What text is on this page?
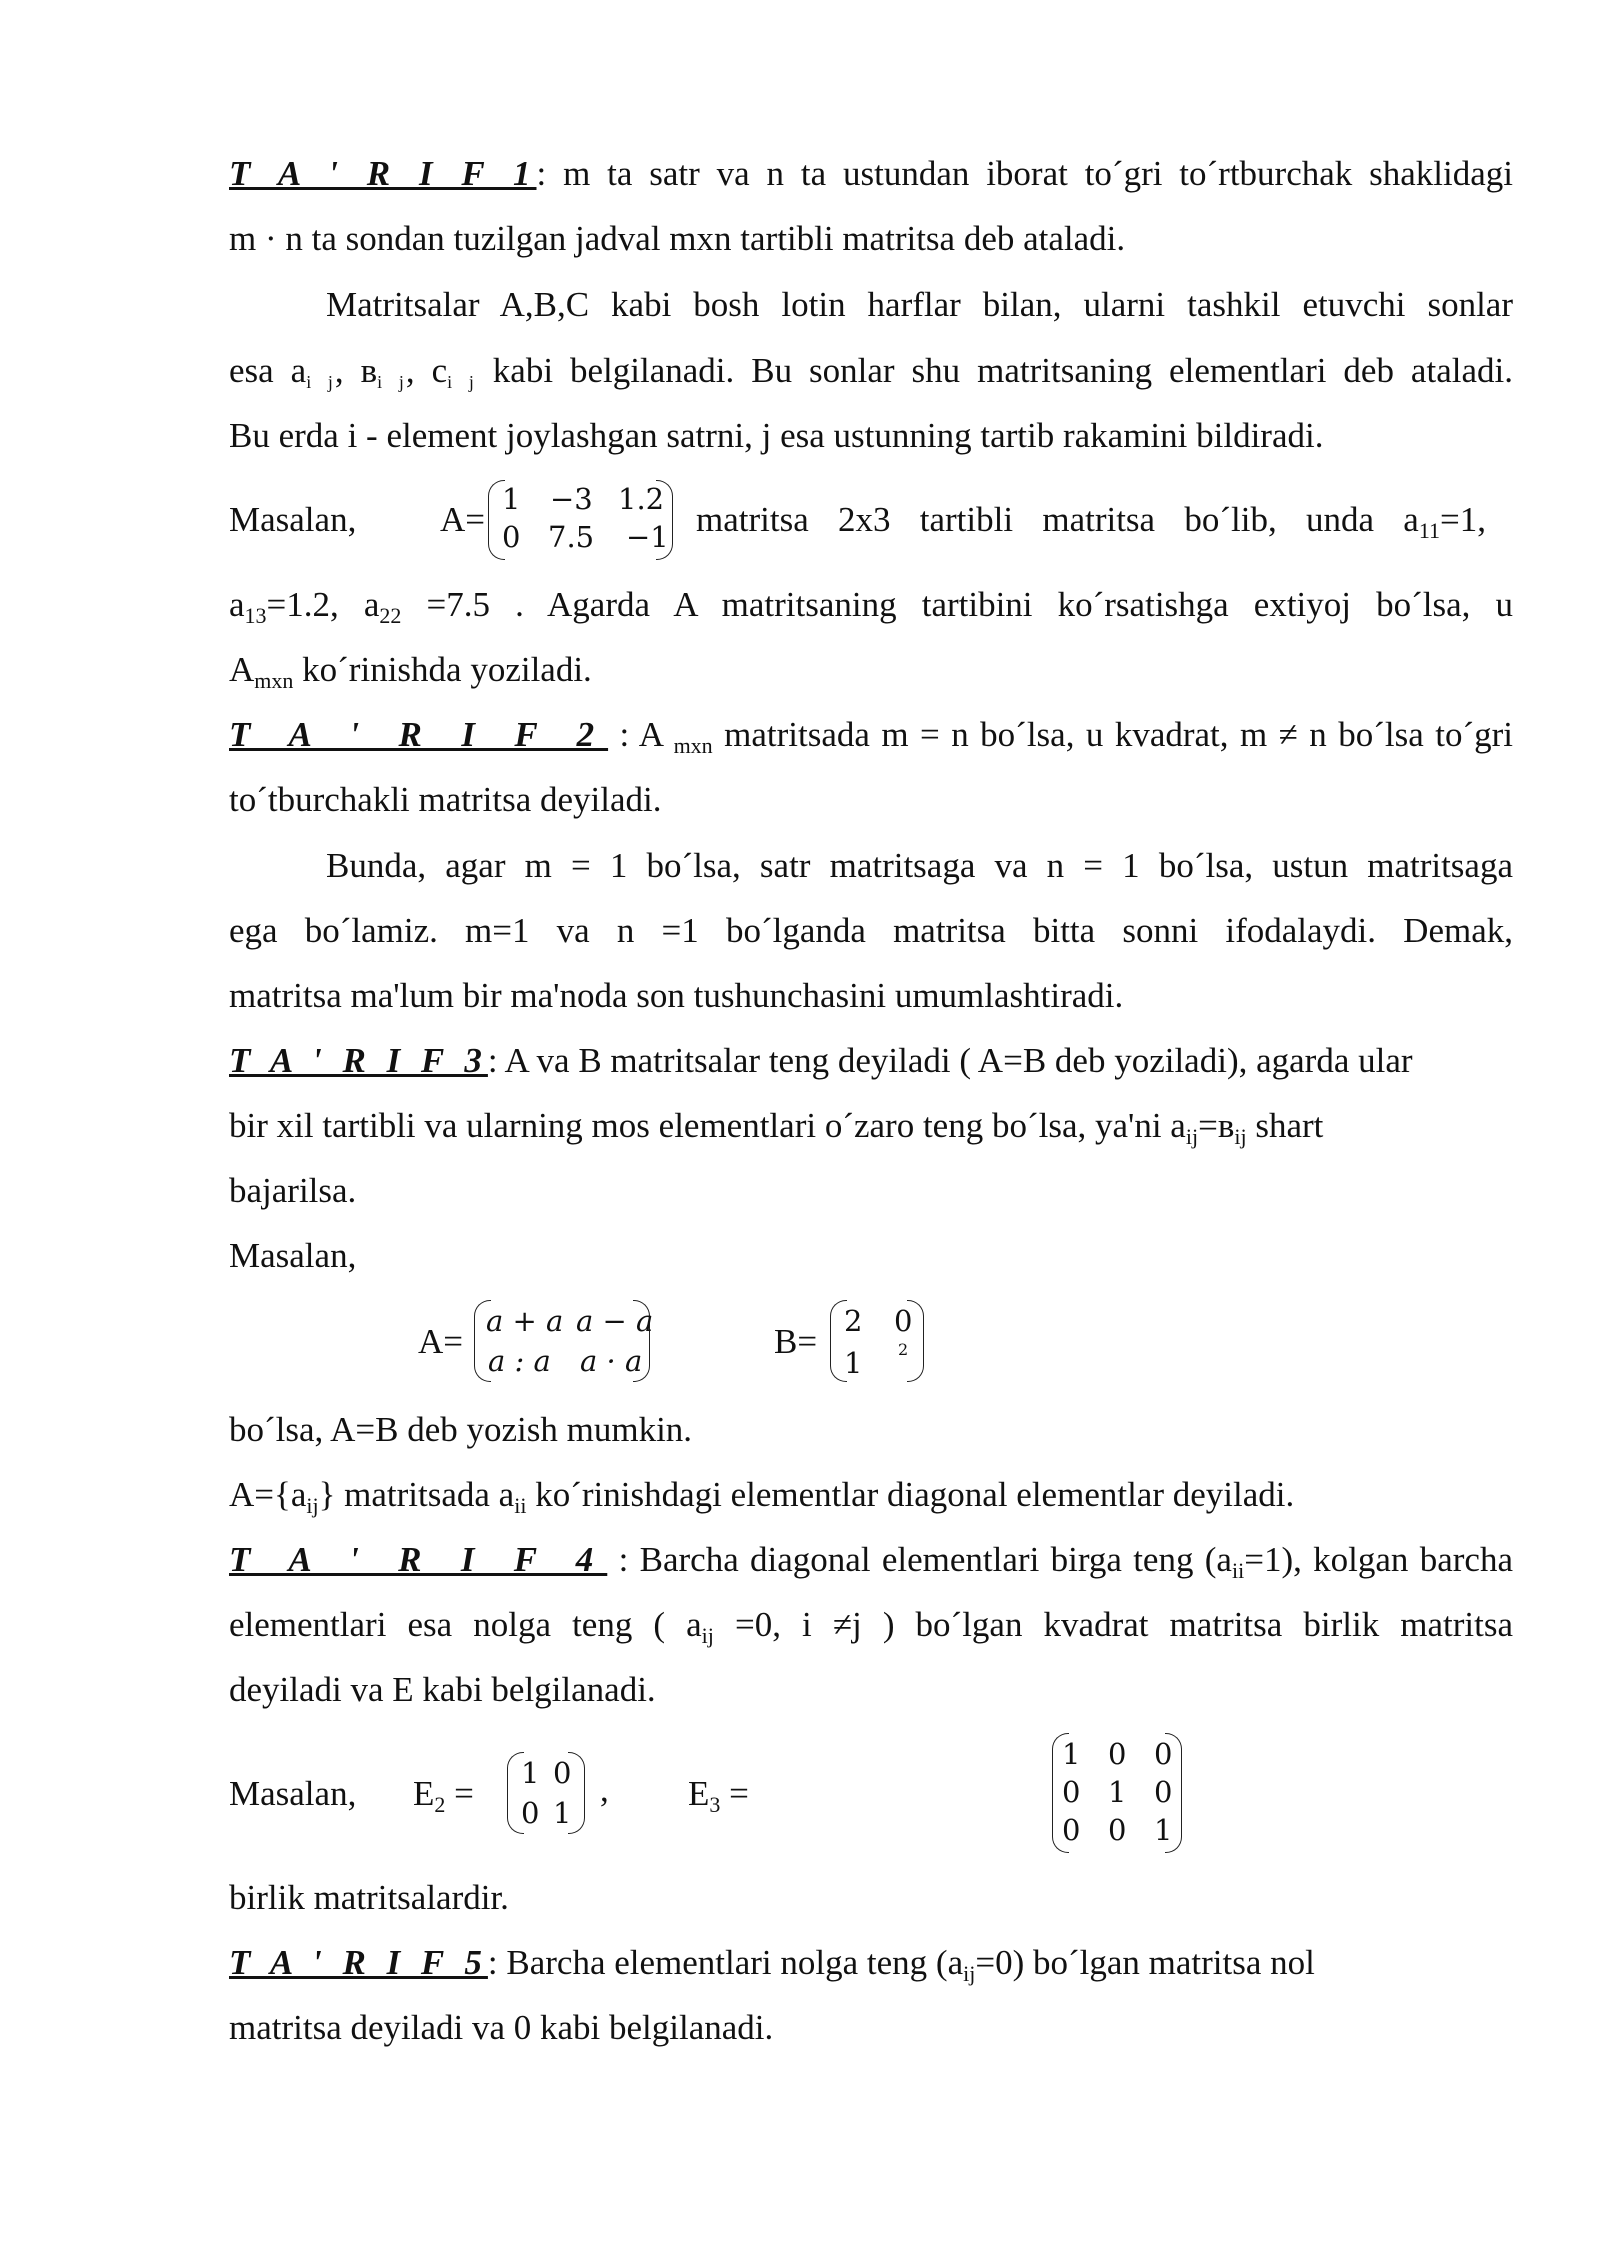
T A ' R I F 1: m ta satr va n ta ustundan iborat to´gri to´rtburchak shaklidagi
m · n ta sondan tuzilgan jadval mxn tartibli matritsa deb ataladi.
Matritsalar A,B,C kabi bosh lotin harflar bilan, ularni tashkil etuvchi sonlar
esa ai j, вi j, ci j kabi belgilanadi. Bu sonlar shu matritsaning elementlari deb ataladi.
Bu erda i - element joylashgan satrni, j esa ustunning tartib rakamini bildiradi.
Masalan, A=
1 −3 1.2
0 7.5 −1 matritsa 2x3 tartibli matritsa bo´lib, unda $a_{11}=1$,
$a_{13}=1.2$, $a_{22} =7.5$ . Agarda A matritsaning tartibini ko´rsatishga extiyoj bo´lsa, u
$A_{mxn}$ ko´rinishda yoziladi.
T A ' R I F 2 : A $_{mxn}$ matritsada m = n bo´lsa, u kvadrat, m ≠ n bo´lsa to´gri
to´tburchakli matritsa deyiladi.
Bunda, agar m = 1 bo´lsa, satr matritsaga va n = 1 bo´lsa, ustun matritsaga
ega bo´lamiz. m=1 va n =1 bo´lganda matritsa bitta sonni ifodalaydi. Demak,
matritsa ma'lum bir ma'noda son tushunchasini umumlashtiradi.
T A ' R I F 3: A va B matritsalar teng deyiladi ( A=B deb yoziladi), agarda ular
bir xil tartibli va ularning mos elementlari o´zaro teng bo´lsa, ya'ni $a_{ij}=в_{ij}$ shart
bajarilsa.
Masalan,
A=
a + a a − a
a : a a · a	B=
2 0
1 2
bo´lsa, A=B deb yozish mumkin.
$A=\{a_{ij}\}$ matritsada $a_{ii}$ ko´rinishdagi elementlar diagonal elementlar deyiladi.
T A ' R I F 4 : Barcha diagonal elementlari birga teng $(a_{ii}=1)$, kolgan barcha
elementlari esa nolga teng ( $a_{ij} =0$, i ≠j ) bo´lgan kvadrat matritsa birlik matritsa
deyiladi va E kabi belgilanadi.
Masalan, $E_2$ =
1 0
0 1
, $E_3$ =
1 0 0
0 1 0
0 0 1
birlik matritsalardir.
T A ' R I F 5: Barcha elementlari nolga teng $(a_{ij}=0)$ bo´lgan matritsa nol
matritsa deyiladi va 0 kabi belgilanadi.
